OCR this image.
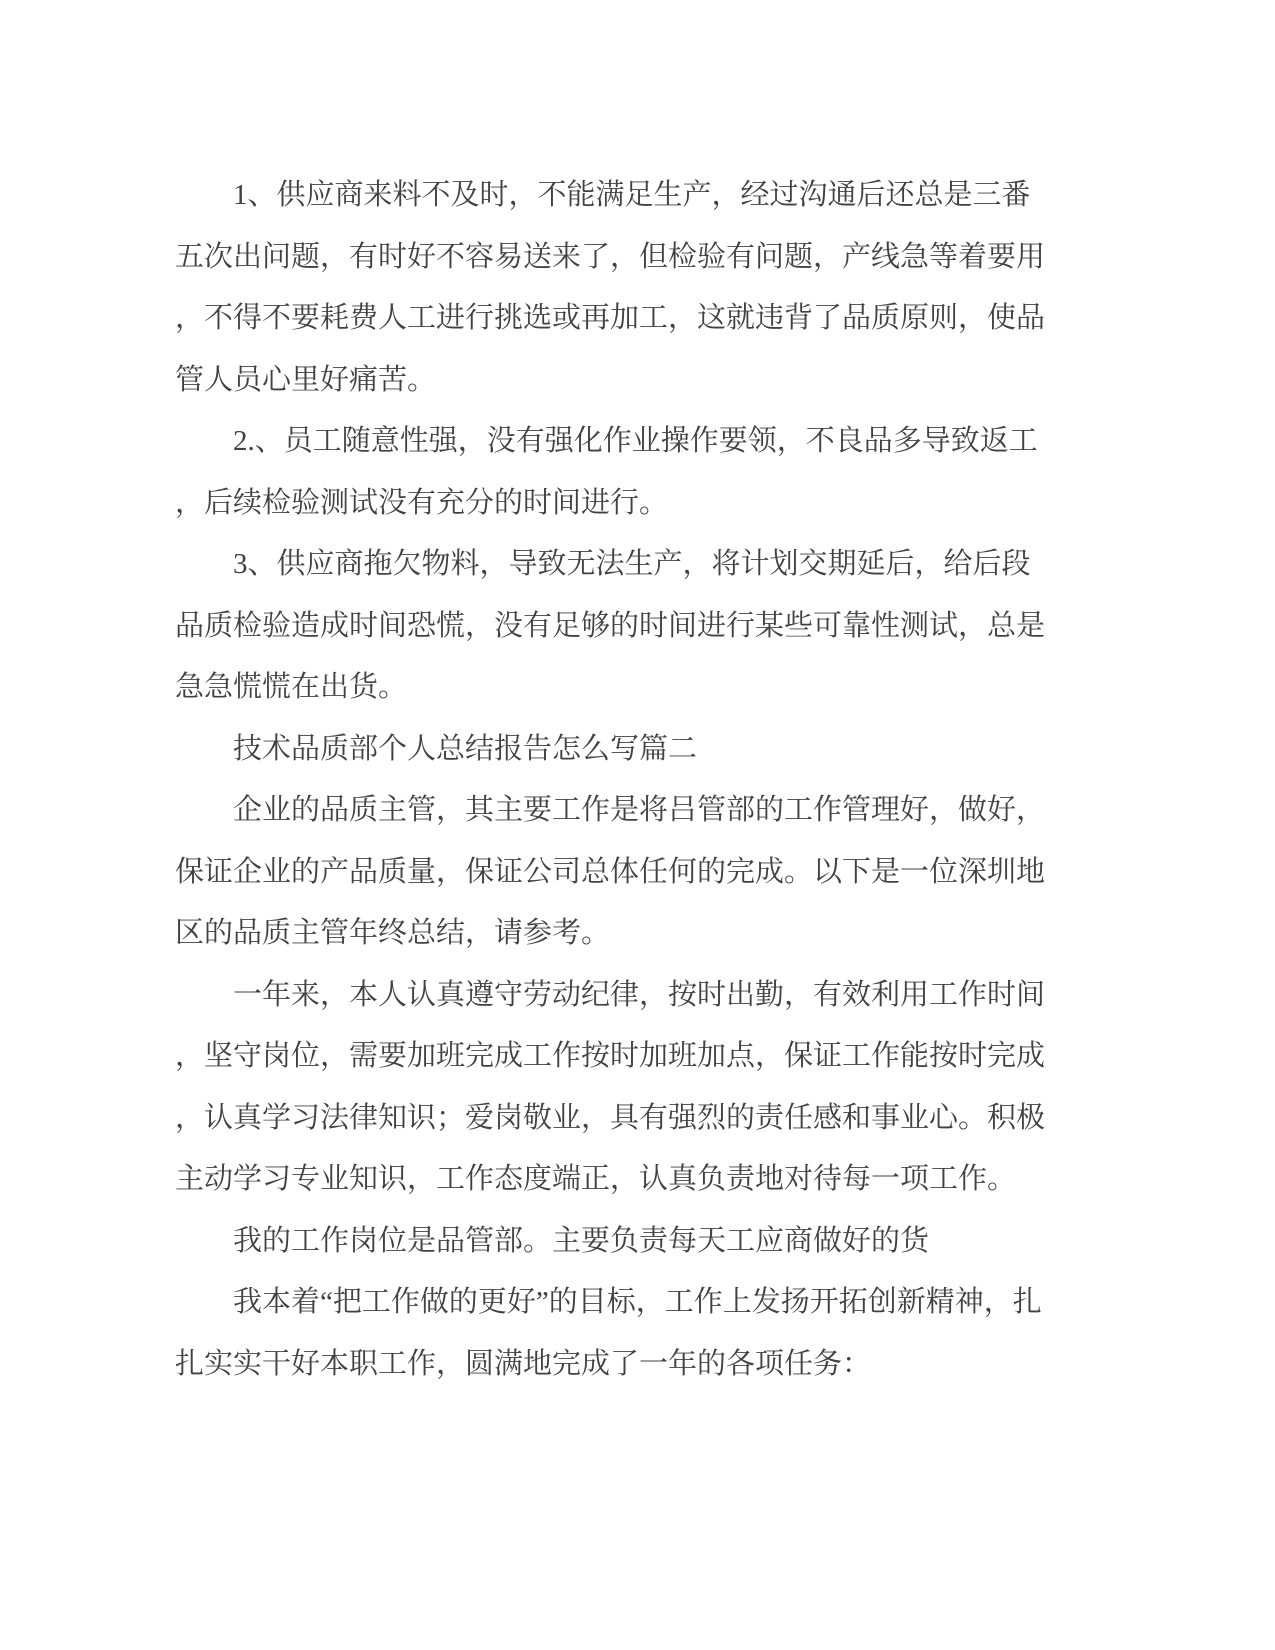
　　1、供应商来料不及时，不能满足生产，经过沟通后还总是三番
五次出问题，有时好不容易送来了，但检验有问题，产线急等着要用
，不得不要耗费人工进行挑选或再加工，这就违背了品质原则，使品
管人员心里好痛苦。
　　2.、员工随意性强，没有强化作业操作要领，不良品多导致返工
，后续检验测试没有充分的时间进行。
　　3、供应商拖欠物料，导致无法生产，将计划交期延后，给后段
品质检验造成时间恐慌，没有足够的时间进行某些可靠性测试，总是
急急慌慌在出货。
　　技术品质部个人总结报告怎么写篇二
　　企业的品质主管，其主要工作是将吕管部的工作管理好，做好，
保证企业的产品质量，保证公司总体任何的完成。以下是一位深圳地
区的品质主管年终总结，请参考。
　　一年来，本人认真遵守劳动纪律，按时出勤，有效利用工作时间
，坚守岗位，需要加班完成工作按时加班加点，保证工作能按时完成
，认真学习法律知识；爱岗敬业，具有强烈的责任感和事业心。积极
主动学习专业知识，工作态度端正，认真负责地对待每一项工作。
　　我的工作岗位是品管部。主要负责每天工应商做好的货
　　我本着“把工作做的更好”的目标，工作上发扬开拓创新精神，扎
扎实实干好本职工作，圆满地完成了一年的各项任务：
